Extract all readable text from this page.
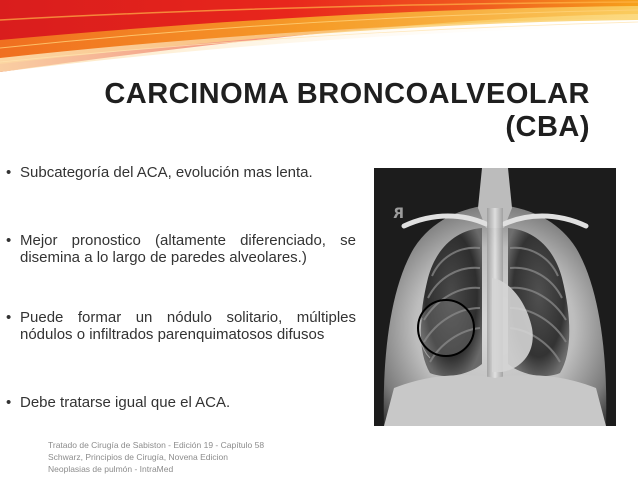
CARCINOMA BRONCOALVEOLAR (CBA)
• Subcategoría del ACA, evolución mas lenta.
• Mejor pronostico (altamente diferenciado, se disemina a lo largo de paredes alveolares.)
• Puede formar un nódulo solitario, múltiples nódulos o infiltrados parenquimatosos difusos
• Debe tratarse igual que el ACA.
Tratado de Cirugía de Sabiston - Edición 19 - Capítulo 58
Schwarz, Principios de Cirugía, Novena Edicion
Neoplasias de pulmón - IntraMed
R
